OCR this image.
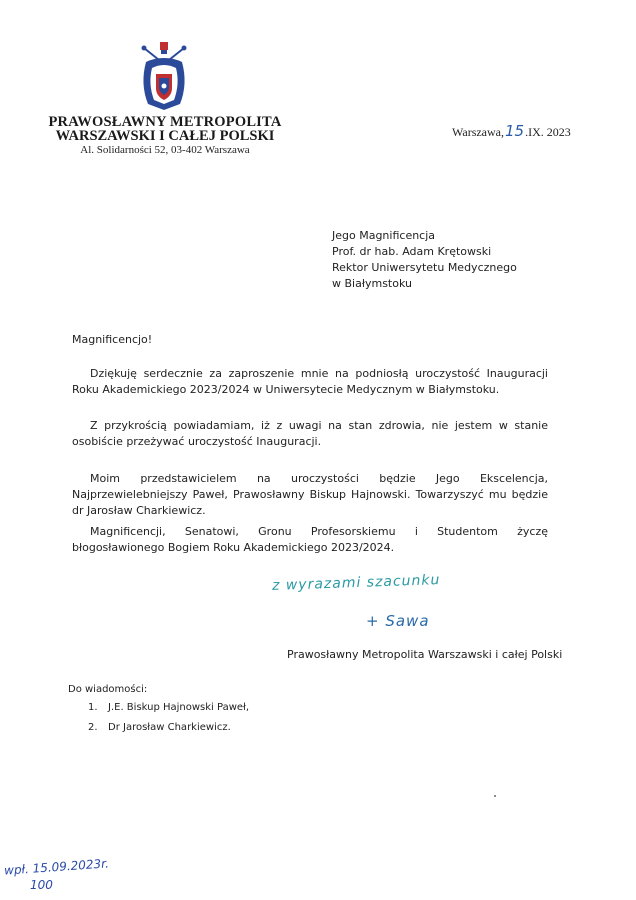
PRAWOSŁAWNY METROPOLITA
WARSZAWSKI I CAŁEJ POLSKI
Al. Solidarności 52, 03-402 Warszawa
Warszawa,15.IX. 2023
Jego Magnificencja
Prof. dr hab. Adam Krętowski
Rektor Uniwersytetu Medycznego
w Białymstoku
Magnificencjo!
Dziękuję serdecznie za zaproszenie mnie na podniosłą uroczystość Inauguracji Roku Akademickiego 2023/2024 w Uniwersytecie Medycznym w Białymstoku.
Z przykrością powiadamiam, iż z uwagi na stan zdrowia, nie jestem w stanie osobiście przeżywać uroczystość Inauguracji.
Moim przedstawicielem na uroczystości będzie Jego Ekscelencja, Najprzewielebniejszy Paweł, Prawosławny Biskup Hajnowski. Towarzyszyć mu będzie dr Jarosław Charkiewicz.
Magnificencji, Senatowi, Gronu Profesorskiemu i Studentom życzę błogosławionego Bogiem Roku Akademickiego 2023/2024.
z wyrazami szacunku
+ Sawa
Prawosławny Metropolita Warszawski i całej Polski
Do wiadomości:
1. J.E. Biskup Hajnowski Paweł,
2. Dr Jarosław Charkiewicz.
wpł. 15.09.2023r.
100
